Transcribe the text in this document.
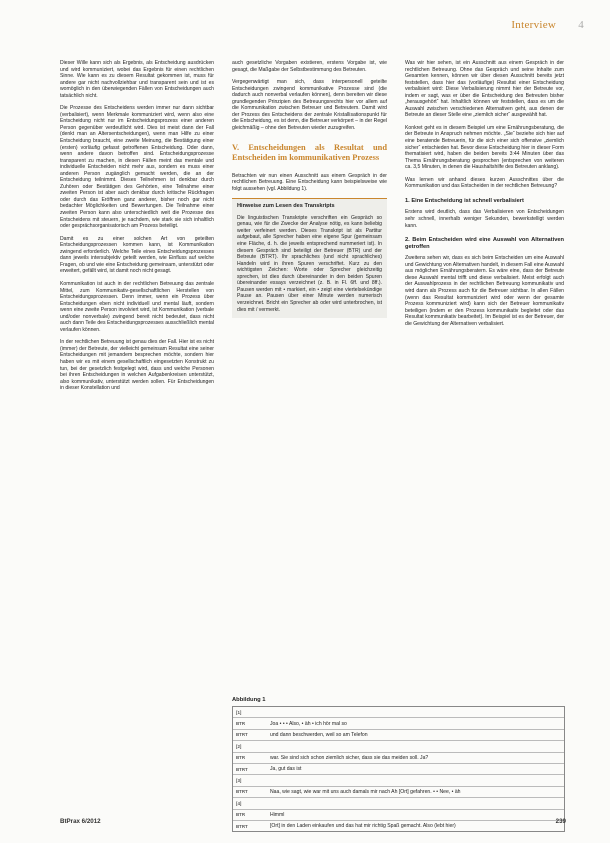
Interview 4

Dieser Wille kann sich als Ergebnis, als Entscheidung ausdrücken und wird kommuniziert, wobei das Ergebnis für einen rechtlichen Sinne. Wie kann es zu diesem Resultat gekommen ist, muss für andere gar nicht nachvollziehbar und transparent sein und ist es womöglich in den überwiegenden Fällen von Entscheidungen auch tatsächlich nicht.

Die Prozesse des Entscheidens werden immer nur dann sichtbar (verbalisiert), wenn Merkmale kommuniziert wird, wenn also eine Entscheidung nicht nur im Entscheidungsprozess einer anderen Person gegenüber verdeutlicht wird. Dies ist meist dann der Fall (denkt man an Altersentscheidungen), wenn man Hilfe zu einer Entscheidung braucht, eine zweite Meinung, die Bestätigung einer (ersten) vorläufig gefasst getroffenen Entscheidung. Oder dann, wenn andere davon betroffen sind. Entscheidungsprozesse transparent zu machen, in diesen Fällen meint das mentale und individuelle Entscheiden nicht mehr aus, sondern es muss einer anderen Person zugänglich gemacht werden, die an der Entscheidung teilnimmt. Dieses Teilnehmen ist denkbar durch Zuhören oder Bestätigen des Gehörten, eine Teilnahme einer zweiten Person ist aber auch denkbar durch kritische Rückfragen oder durch das Eröffnen ganz anderer, bisher noch gar nicht bedachter Möglichkeiten und Bewertungen. Die Teilnahme einer zweiten Person kann also unterschiedlich weit die Prozesse des Entscheidens mit steuern, je nachdem, wie stark sie sich inhaltlich oder gesprächsorganisatorisch am Prozess beteiligt.

Damit es zu einer solchen Art von geteilten Entscheidungsprozessen kommen kann, ist Kommunikation zwingend erforderlich. Welche Teile eines Entscheidungsprozesses dann jeweils intersubjektiv geteilt werden, wie Einfluss auf welche Fragen, ob und wie eine Entscheidung gemeinsam, unterstützt oder erweitert, gefällt wird, ist damit noch nicht gesagt.

Kommunikation ist auch in der rechtlichen Betreuung das zentrale Mittel, zum Kommunikativ-gesellschaftlichen Herstellen von Entscheidungsprozessen. Denn immer, wenn ein Prozess über Entscheidungen eben nicht individuell und mental läuft, sondern wenn eine zweite Person involviert wird, ist Kommunikation (verbale und/oder nonverbale) zwingend bereit nicht bedeutet, dass nicht auch dann Teile des Entscheidungsprozesses ausschließlich mental verlaufen können.

In der rechtlichen Betreuung ist genau dies der Fall. Hier ist es nicht (immer) der Betreute, der vielleicht gemeinsam Resultat eine seiner Entscheidungen mit jemandem besprechen möchte, sondern hier haben wir es mit einem gesellschaftlich eingesetzten Konstrukt zu tun, bei der gesetzlich festgelegt wird, dass und welche Personen bei ihren Entscheidungen in welchen Aufgabenkreisen unterstützt, also kommunikativ, unterstützt werden sollen. Für Entscheidungen in dieser Konstellation und

auch gesetzliche Vorgaben existieren, erstens Vorgabe ist, wie gesagt, die Maßgabe der Selbstbestimmung des Betreuten.

Vergegenwärtigt man sich, dass interpersonell geteilte Entscheidungen zwingend kommunikative Prozesse sind (die dadurch auch nonverbal verlaufen können), denn bereiten wir diese grundlegenden Prinzipien des Betreuungsrechts hier vor allem auf die Kommunikation zwischen Betreuer und Betreutem. Damit wird der Prozess des Entscheidens der zentrale Kristallisationspunkt für die Entscheidung, es ist denn, die Betreuer verkörpert – in der Regel gleichmäßig – ohne den Betreuten wieder zuzugreifen.

V. Entscheidungen als Resultat und Entscheiden im kommunikativen Prozess

Betrachten wir nun einen Ausschnitt aus einem Gespräch in der rechtlichen Betreuung. Eine Entscheidung kann beispielsweise wie folgt aussehen (vgl. Abbildung 1).

Hinweise zum Lesen des Transkripts
Die linguistischen Transkripte verschriften ein Gespräch so genau, wie für die Zwecke der Analyse nötig, es kann beliebig weiter verfeinert werden. Dieses Transkript ist als Partitur aufgebaut, alle Sprecher haben eine eigene Spur (gemeinsam eine Fläche, d. h. die jeweils entsprechend nummeriert ist). In diesem Gespräch sind beteiligt der Betreuer (BTR) und der Betreute (BTRT). Ihr sprachliches (und nicht sprachliches) Handeln wird in ihren Spuren verschriftet. Kurz zu den wichtigsten Zeichen: Worte oder Sprecher gleichzeitig sprechen, ist dies durch übereinander in den beiden Spuren übereinander essays verzeichnet (z. B. in Fl. 6ff. und 8ff.). Pausen werden mit • markiert, ein • zeigt eine viertelsekündige Pause an. Pausen über einer Minute werden numerisch verzeichnet. Bricht ein Sprecher ab oder wird unterbrochen, ist dies mit / vermerkt.

Was wir hier sehen, ist ein Ausschnitt aus einem Gespräch in der rechtlichen Betreuung. Ohne das Gespräch und seine Inhalte zum Gesamten kennen, können wir über diesen Ausschnitt bereits jetzt feststellen, dass hier das (vorläufige) Resultat einer Entscheidung verbalisiert wird: Diese Verbalisierung nimmt hier der Betreute vor, indem er sagt, was er über die Entscheidung des Betreuten bisher „herausgehört“ hat. Inhaltlich können wir feststellen, dass es um die Auswahl zwischen verschiedenen Alternativen geht, aus denen der Betreute an dieser Stelle eine „ziemlich sicher“ ausgewählt hat.

Konkret geht es in diesem Beispiel um eine Ernährungsberatung, die der Betreute in Anspruch nehmen möchte. „Sie“ beziehe sich hier auf eine beratende Betreuerin, für die sich einer sich offensive „ziemlich sicher“ entschieden hat. Bevor diese Entscheidung hier in dieser Form thematisiert wird, haben die beiden bereits 3:44 Minuten über das Thema Ernährungsberatung gesprochen (entsprechen von weiteren ca. 3,5 Minuten, in denen die Haushaltshilfe des Betreuten anklang).

Was lernen wir anhand dieses kurzen Ausschnittes über die Kommunikation und das Entscheiden in der rechtlichen Betreuung?

1. Eine Entscheidung ist schnell verbalisiert

Erstens wird deutlich, dass das Verbalisieren von Entscheidungen sehr schnell, innerhalb weniger Sekunden, bewerkstelligt werden kann.

2. Beim Entscheiden wird eine Auswahl von Alternativen getroffen

Zweitens sehen wir, dass es sich beim Entscheiden um eine Auswahl und Gewichtung von Alternativen handelt, in diesem Fall eine Auswahl aus möglichen Ernährungsberatern. Es wäre eine, dass der Betreute diese Auswahl mental trifft und diese verbalisiert. Meist erfolgt auch der Auswahlprozess in der rechtlichen Betreuung kommunikativ und wird dann als Prozess auch für die Betreuer sichtbar. In allen Fällen (wenn das Resultat kommuniziert wird oder wenn der gesamte Prozess kommuniziert wird) kann sich der Betreuer kommunikativ beteiligen (indem er den Prozess kommunikativ begleitet oder das Resultat kommunikativ bearbeitet). Im Beispiel ist es der Betreuer, der die Gewichtung der Alternativen verbalisiert.

Abbildung 1
[1]
BTR	Joa • • • Also, • äh • ich hör mal so
BTRT	und dann beschwerden, weil so am Telefon
[2]
BTR	war. Sie sind sich schon ziemlich sicher, dass sie das meiden soll. Ja?
BTRT	Ja, gut das ist
[3]
BTRT	Naa, wie sagt, wie war mit uns auch damals mir nach Ah [Ort] gefahren. • • Nee, • äh
[4]
BTR	Himml
BTRT	[Ort] in den Laden einkaufen und das hat mir richtig Spaß gemacht. Also (lebt hier)
BtPrax 6/2012	239
